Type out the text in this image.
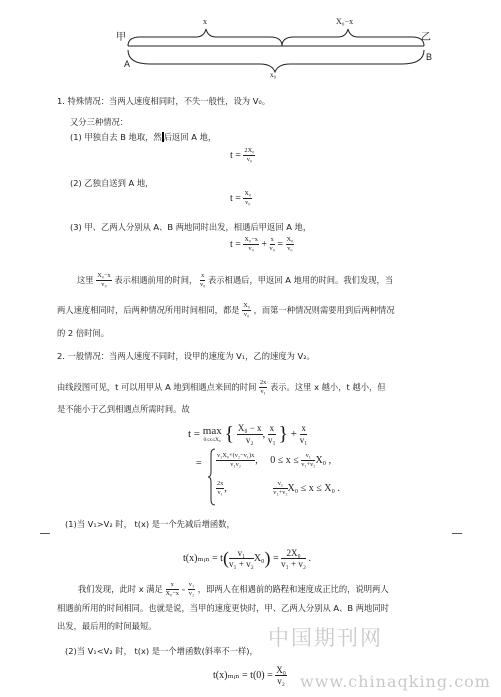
甲
A
乙
B
x	X₀−x
x₀
1. 特殊情况：当两人速度相同时，不失一般性，设为 V₀。
又分三种情况：
(1) 甲独自去 B 地取，然 后返回 A 地，
$t = \frac{\text{2X₀}}{\text{v₀}}$
(2) 乙独自送到 A 地，
$t = \frac{\text{X₀}}{\text{v₀}}$
(3) 甲、乙两人分别从 A、B 两地同时出发，相遇后甲返回 A 地，
$t = \frac{\text{X₀−x}}{\text{v₀}} + \frac{x}{\text{v₀}} = \frac{\text{X₀}}{\text{v₀}}$
这里 $\frac{\text{X₀−x}}{\text{v₀}}$ 表示相遇前用的时间， $\frac{x}{\text{v₀}}$ 表示相遇后，甲返回 A 地用的时间。我们发现，当
两人速度相同时，后两种情况所用时间相同，都是 $\frac{\text{X₀}}{\text{v₀}}$ ，而第一种情况则需要用到后两种情况
的 2 倍时间。
2. 一般情况：当两人速度不同时，设甲的速度为 V₁，乙的速度为 V₂。
由线段图可见，t 可以用甲从 A 地到相遇点来回的时间 $\frac{2x}{\text{v₁}}$ 表示。这里 x 越小，t 越小，但
是不能小于乙到相遇点所需时间。故
t = max
0≤x≤X₀ { $\frac{\text{X₀ − x}}{\text{v₂}}$ , $\frac{x}{\text{v₁}}$ } + $\frac{x}{\text{v₁}}$
= $\frac{\text{v₁X₀+(v₂−v₁)x}}{\text{v₁v₂}}$ , $0 \le x \le \frac{\text{v₁}}{\text{v₁+v₂}} X_0$ ,
$\frac{2x}{\text{v₁}}$ ,	$\frac{\text{v₁}}{\text{v₁+v₂}} X_0 \le x \le X_0$ .
(1)当 V₁>V₂ 时， t(x) 是一个先减后增函数，
t(x)ₘᵢₙ = $t( \frac{\text{v₁}}{\text{v₁ + v₂}} X_0) = \frac{\text{2X₀}}{\text{v₁ + v₂}}$ .
我们发现，此时 x 满足 $\frac{x}{\text{X₀−x}} = \frac{\text{v₁}}{\text{v₂}}$ ，即两人在相遇前的路程和速度成正比的，说明两人
相遇前所用的时间相同。也就是说，当甲的速度更快时，甲、乙两人分别从 A、B 两地同时
出发，最后用的时间最短。
(2)当 V₁<V₂ 时， t(x) 是一个增函数(斜率不一样)，
t(x)ₘᵢₙ = $t(0) = \frac{\text{X₀}}{\text{v₂}}$
中国期刊网
www.chinaqking.com
